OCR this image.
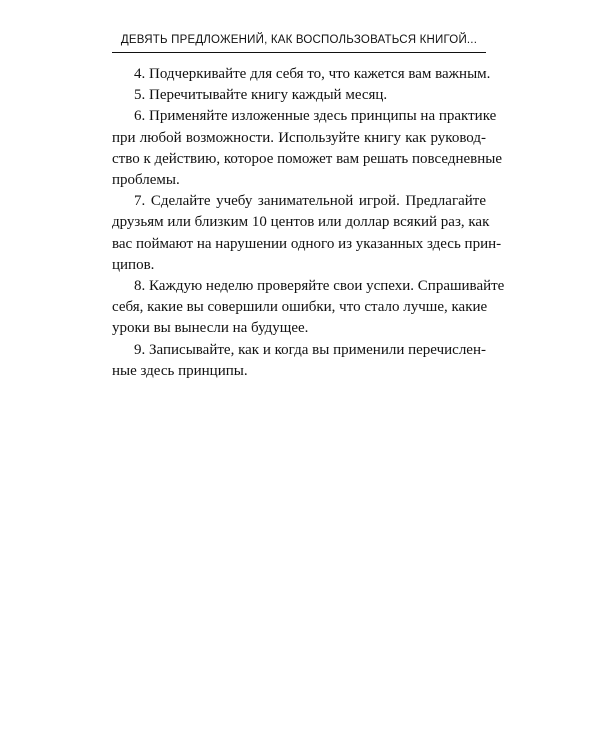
ДЕВЯТЬ ПРЕДЛОЖЕНИЙ, КАК ВОСПОЛЬЗОВАТЬСЯ КНИГОЙ...
4. Подчеркивайте для себя то, что кажется вам важным.
5. Перечитывайте книгу каждый месяц.
6. Применяйте изложенные здесь принципы на практике
при любой возможности. Используйте книгу как руковод-
ство к действию, которое поможет вам решать повседневные
проблемы.
7. Сделайте учебу занимательной игрой. Предлагайте
друзьям или близким 10 центов или доллар всякий раз, как
вас поймают на нарушении одного из указанных здесь прин-
ципов.
8. Каждую неделю проверяйте свои успехи. Спрашивайте
себя, какие вы совершили ошибки, что стало лучше, какие
уроки вы вынесли на будущее.
9. Записывайте, как и когда вы применили перечислен-
ные здесь принципы.
